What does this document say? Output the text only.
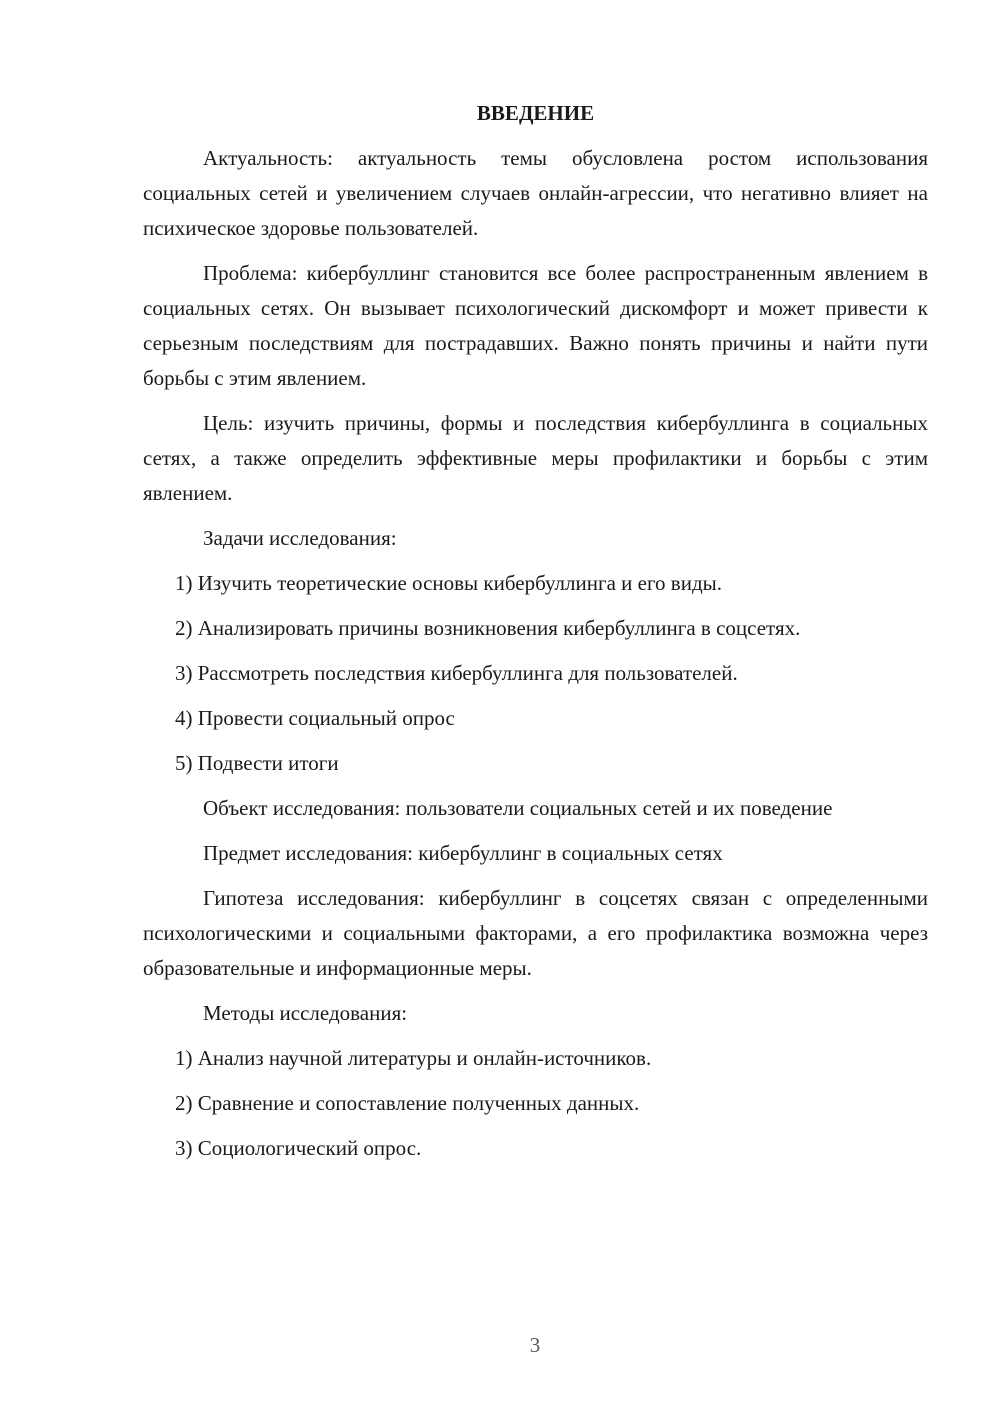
ВВЕДЕНИЕ

Актуальность: актуальность темы обусловлена ростом использования социальных сетей и увеличением случаев онлайн-агрессии, что негативно влияет на психическое здоровье пользователей.

Проблема: кибербуллинг становится все более распространенным явлением в социальных сетях. Он вызывает психологический дискомфорт и может привести к серьезным последствиям для пострадавших. Важно понять причины и найти пути борьбы с этим явлением.

Цель: изучить причины, формы и последствия кибербуллинга в социальных сетях, а также определить эффективные меры профилактики и борьбы с этим явлением.

Задачи исследования:

1) Изучить теоретические основы кибербуллинга и его виды.

2) Анализировать причины возникновения кибербуллинга в соцсетях.

3) Рассмотреть последствия кибербуллинга для пользователей.

4) Провести социальный опрос

5) Подвести итоги

Объект исследования: пользователи социальных сетей и их поведение

Предмет исследования: кибербуллинг в социальных сетях

Гипотеза исследования: кибербуллинг в соцсетях связан с определенными психологическими и социальными факторами, а его профилактика возможна через образовательные и информационные меры.

Методы исследования:

1) Анализ научной литературы и онлайн-источников.

2) Сравнение и сопоставление полученных данных.

3) Социологический опрос.

3
